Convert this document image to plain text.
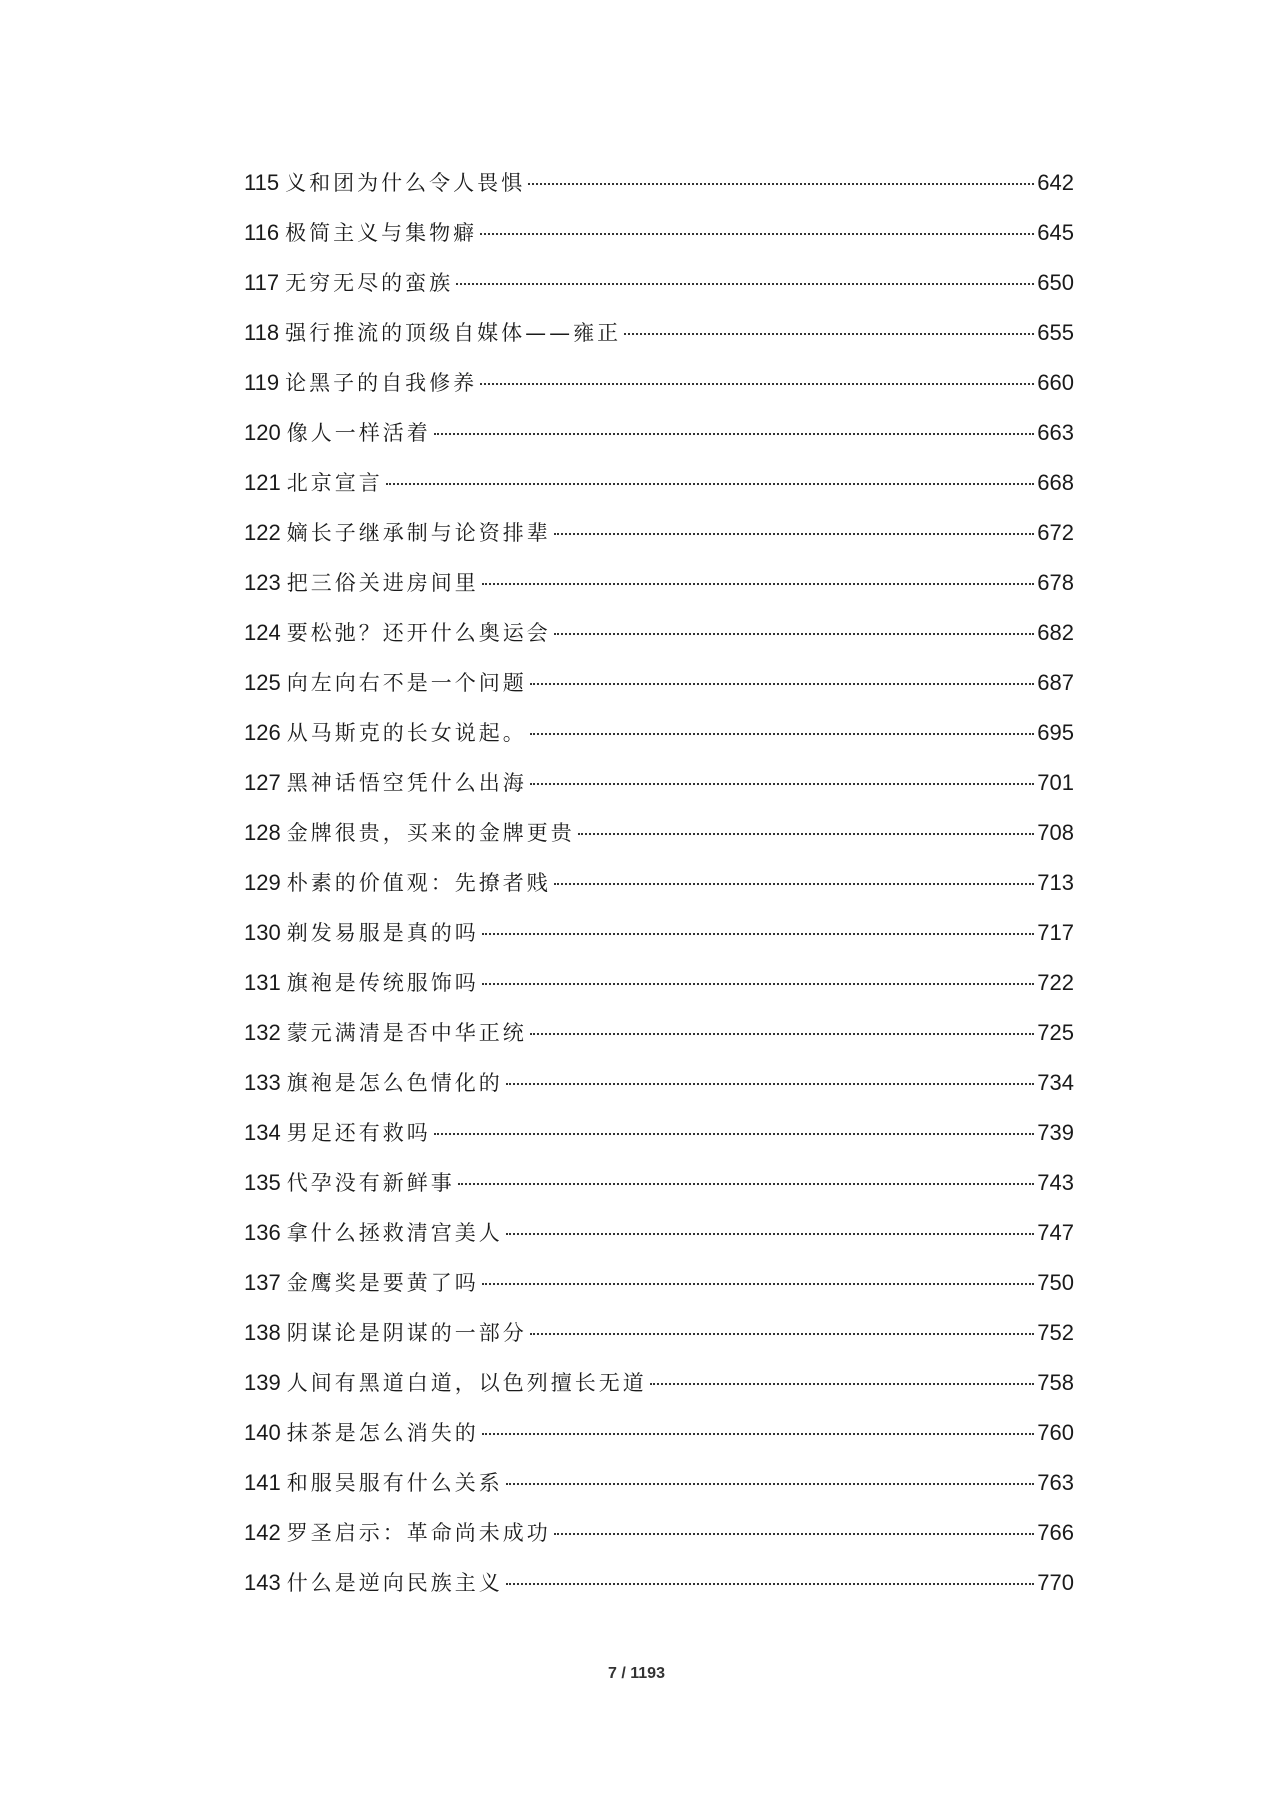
115 义和团为什么令人畏惧	642
116 极简主义与集物癖	645
117 无穷无尽的蛮族	650
118 强行推流的顶级自媒体——雍正	655
119 论黑子的自我修养	660
120 像人一样活着	663
121 北京宣言	668
122 嫡长子继承制与论资排辈	672
123 把三俗关进房间里	678
124 要松弛？还开什么奥运会	682
125 向左向右不是一个问题	687
126 从马斯克的长女说起。	695
127 黑神话悟空凭什么出海	701
128 金牌很贵，买来的金牌更贵	708
129 朴素的价值观：先撩者贱	713
130 剃发易服是真的吗	717
131 旗袍是传统服饰吗	722
132 蒙元满清是否中华正统	725
133 旗袍是怎么色情化的	734
134 男足还有救吗	739
135 代孕没有新鲜事	743
136 拿什么拯救清宫美人	747
137 金鹰奖是要黄了吗	750
138 阴谋论是阴谋的一部分	752
139 人间有黑道白道，以色列擅长无道	758
140 抹茶是怎么消失的	760
141 和服吴服有什么关系	763
142 罗圣启示：革命尚未成功	766
143 什么是逆向民族主义	770
7 / 1193
